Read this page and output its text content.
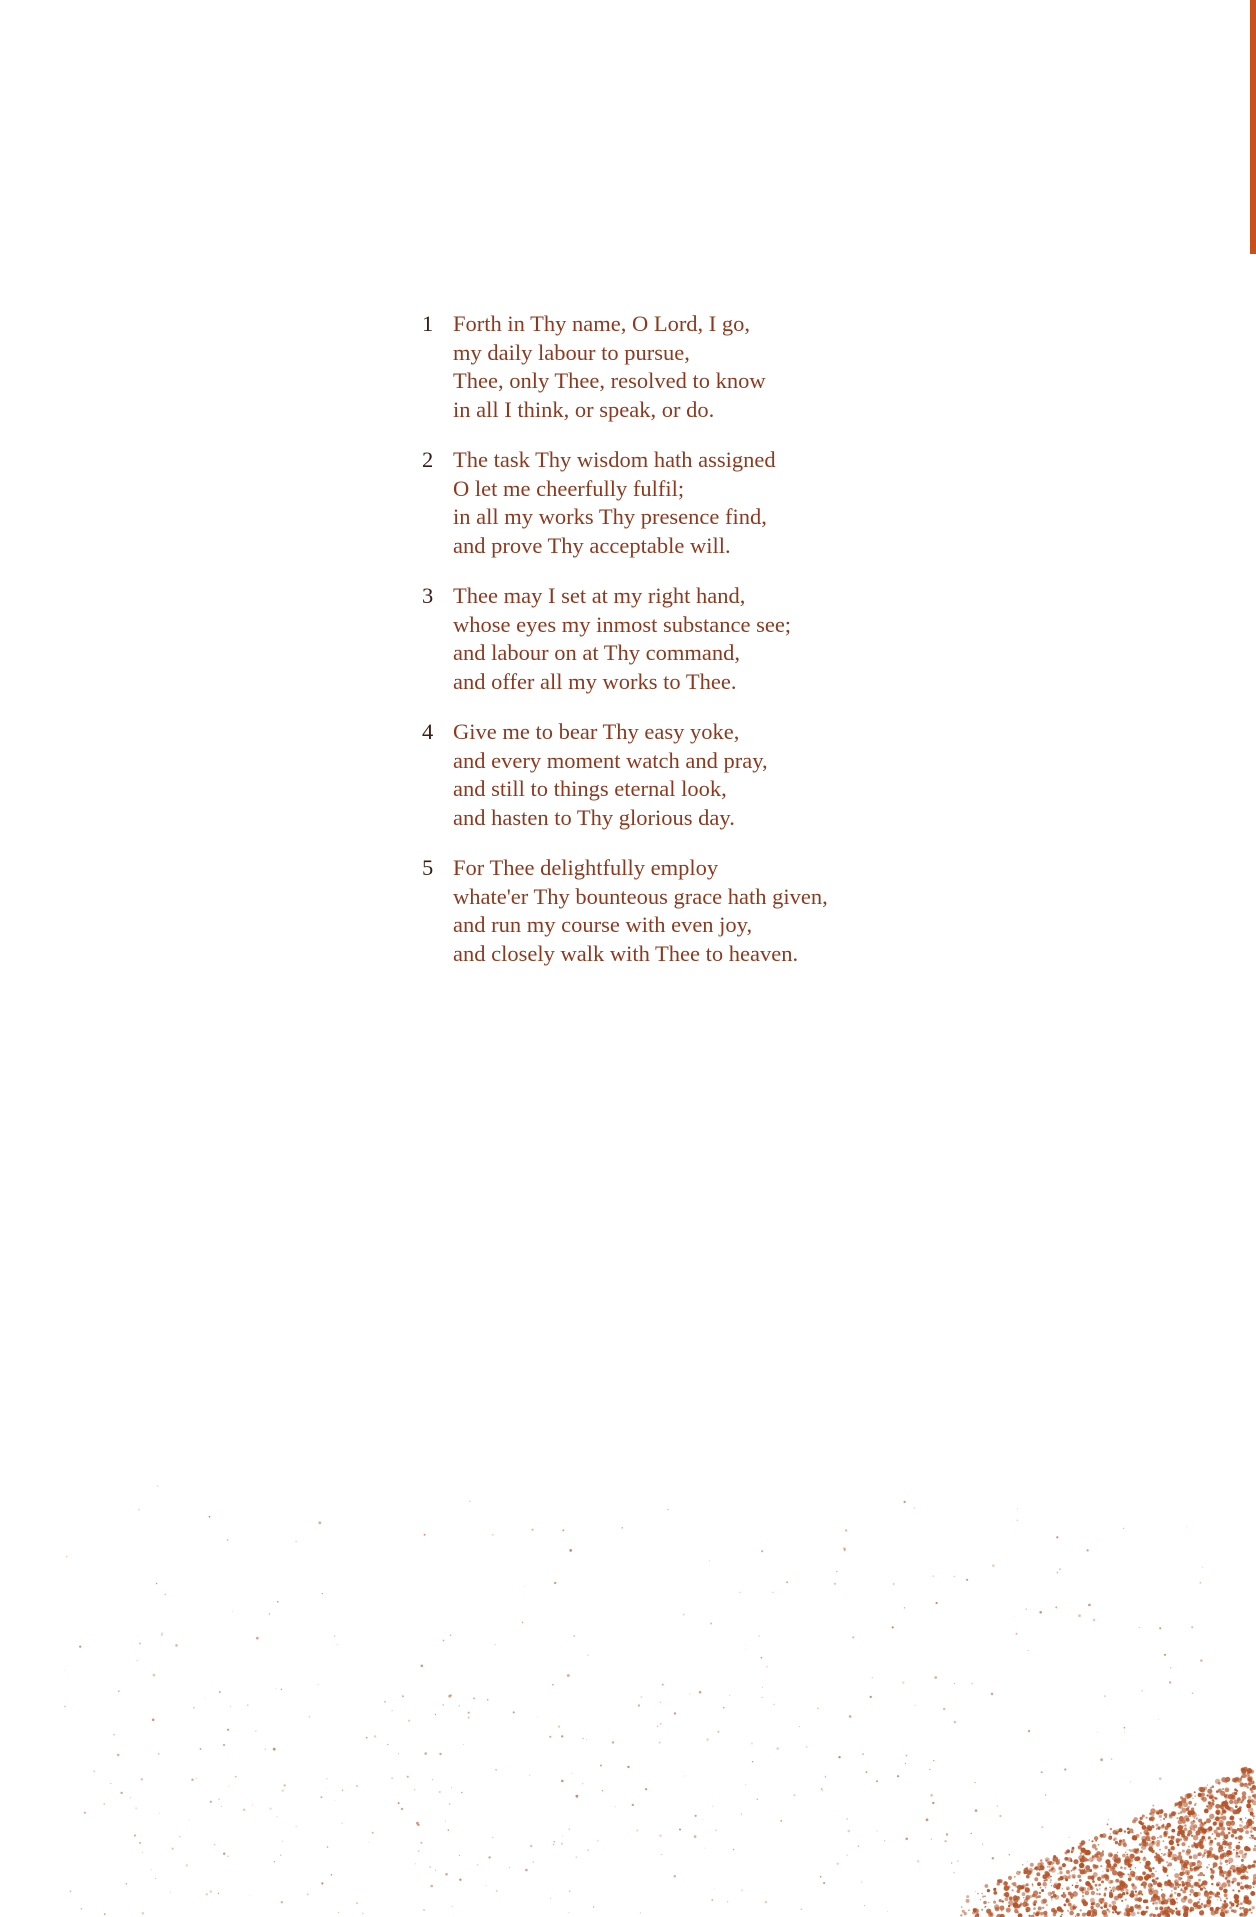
1 Forth in Thy name, O Lord, I go,
my daily labour to pursue,
Thee, only Thee, resolved to know
in all I think, or speak, or do.
2 The task Thy wisdom hath assigned
O let me cheerfully fulfil;
in all my works Thy presence find,
and prove Thy acceptable will.
3 Thee may I set at my right hand,
whose eyes my inmost substance see;
and labour on at Thy command,
and offer all my works to Thee.
4 Give me to bear Thy easy yoke,
and every moment watch and pray,
and still to things eternal look,
and hasten to Thy glorious day.
5 For Thee delightfully employ
whate'er Thy bounteous grace hath given,
and run my course with even joy,
and closely walk with Thee to heaven.
